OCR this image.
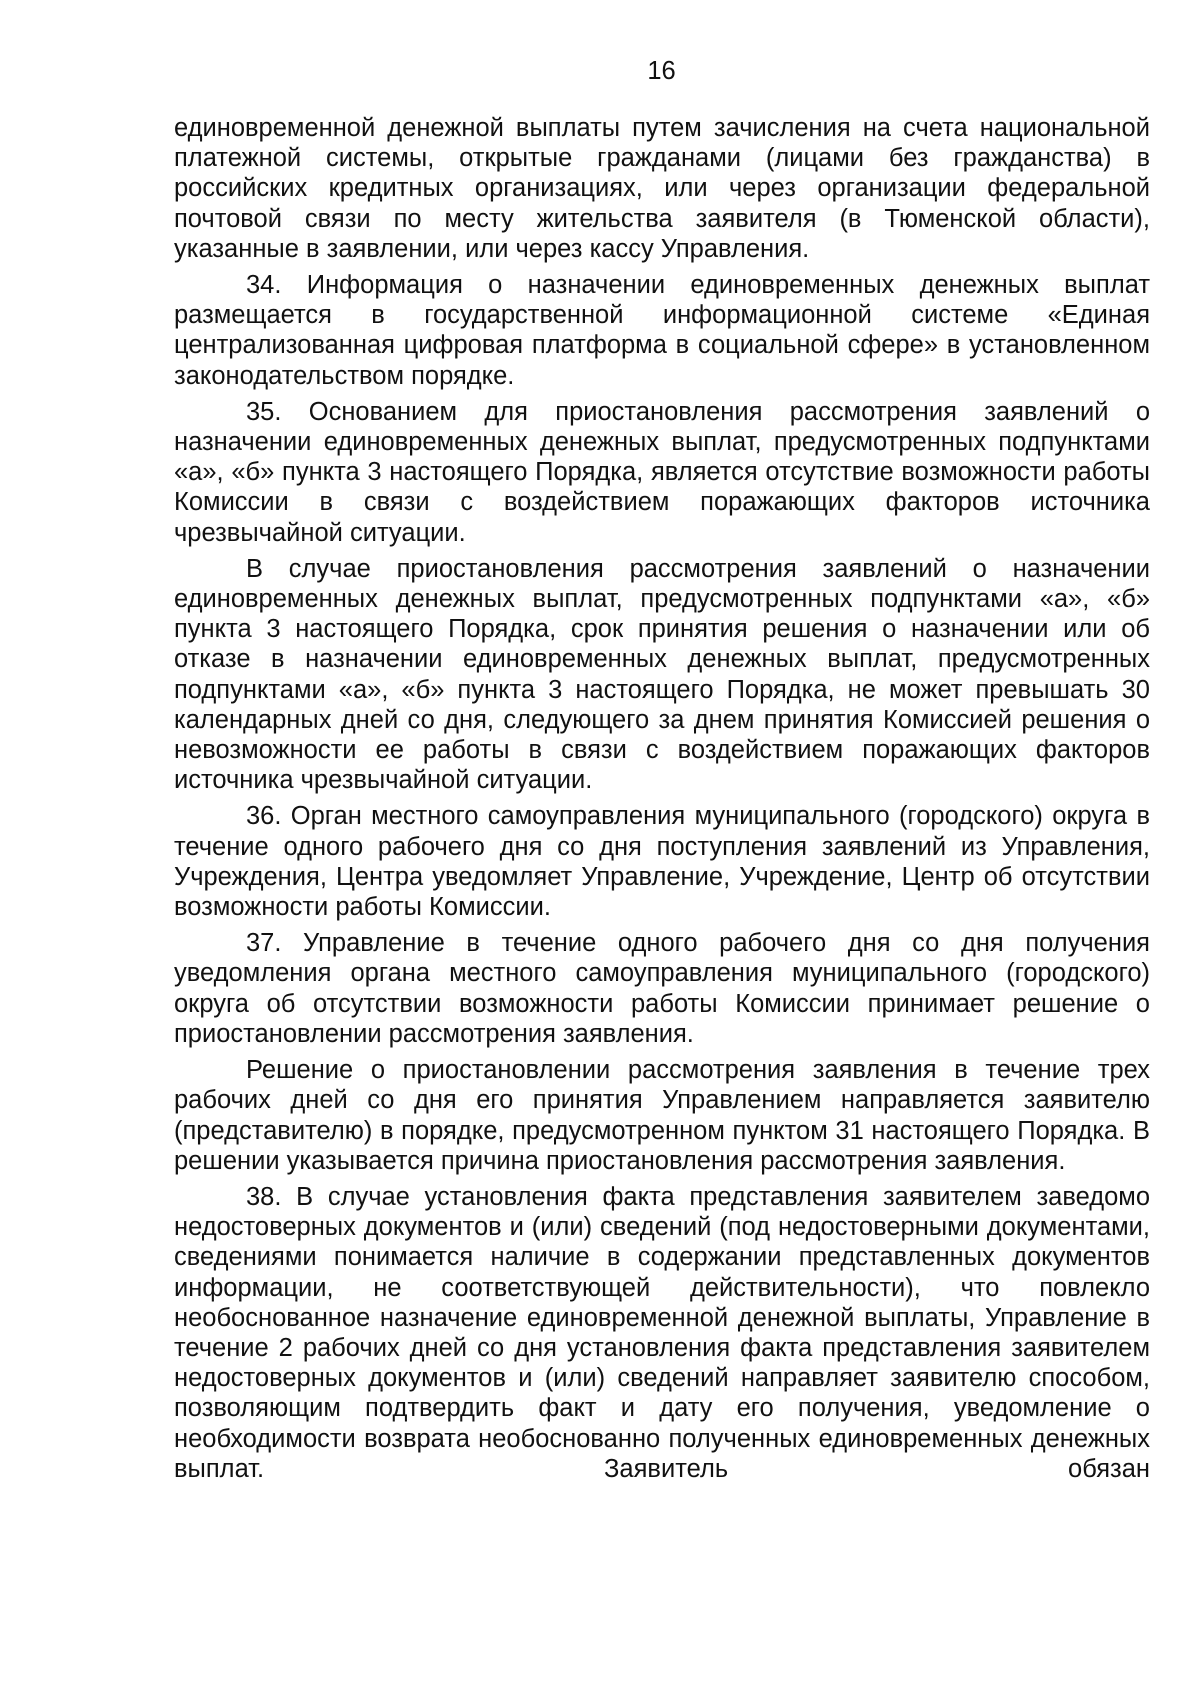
16

единовременной денежной выплаты путем зачисления на счета национальной платежной системы, открытые гражданами (лицами без гражданства) в российских кредитных организациях, или через организации федеральной почтовой связи по месту жительства заявителя (в Тюменской области), указанные в заявлении, или через кассу Управления.

34. Информация о назначении единовременных денежных выплат размещается в государственной информационной системе «Единая централизованная цифровая платформа в социальной сфере» в установленном законодательством порядке.

35. Основанием для приостановления рассмотрения заявлений о назначении единовременных денежных выплат, предусмотренных подпунктами «а», «б» пункта 3 настоящего Порядка, является отсутствие возможности работы Комиссии в связи с воздействием поражающих факторов источника чрезвычайной ситуации.

В случае приостановления рассмотрения заявлений о назначении единовременных денежных выплат, предусмотренных подпунктами «а», «б» пункта 3 настоящего Порядка, срок принятия решения о назначении или об отказе в назначении единовременных денежных выплат, предусмотренных подпунктами «а», «б» пункта 3 настоящего Порядка, не может превышать 30 календарных дней со дня, следующего за днем принятия Комиссией решения о невозможности ее работы в связи с воздействием поражающих факторов источника чрезвычайной ситуации.

36. Орган местного самоуправления муниципального (городского) округа в течение одного рабочего дня со дня поступления заявлений из Управления, Учреждения, Центра уведомляет Управление, Учреждение, Центр об отсутствии возможности работы Комиссии.

37. Управление в течение одного рабочего дня со дня получения уведомления органа местного самоуправления муниципального (городского) округа об отсутствии возможности работы Комиссии принимает решение о приостановлении рассмотрения заявления.

Решение о приостановлении рассмотрения заявления в течение трех рабочих дней со дня его принятия Управлением направляется заявителю (представителю) в порядке, предусмотренном пунктом 31 настоящего Порядка. В решении указывается причина приостановления рассмотрения заявления.

38. В случае установления факта представления заявителем заведомо недостоверных документов и (или) сведений (под недостоверными документами, сведениями понимается наличие в содержании представленных документов информации, не соответствующей действительности), что повлекло необоснованное назначение единовременной денежной выплаты, Управление в течение 2 рабочих дней со дня установления факта представления заявителем недостоверных документов и (или) сведений направляет заявителю способом, позволяющим подтвердить факт и дату его получения, уведомление о необходимости возврата необоснованно полученных единовременных денежных выплат. Заявитель обязан
